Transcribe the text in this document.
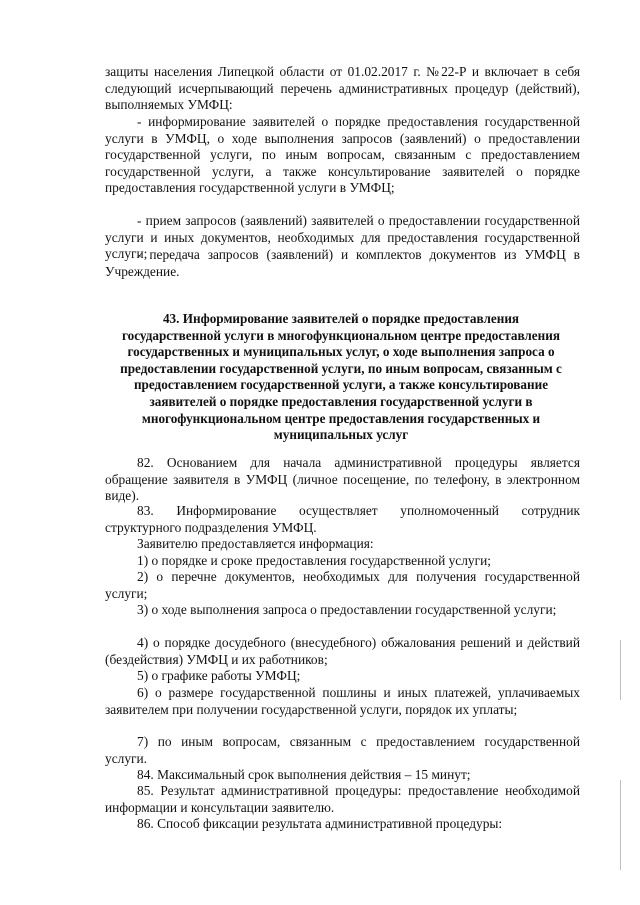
защиты населения Липецкой области от 01.02.2017 г. №22-Р и включает в себя следующий исчерпывающий перечень административных процедур (действий), выполняемых УМФЦ:

- информирование заявителей о порядке предоставления государственной услуги в УМФЦ, о ходе выполнения запросов (заявлений) о предоставлении государственной услуги, по иным вопросам, связанным с предоставлением государственной услуги, а также консультирование заявителей о порядке предоставления государственной услуги в УМФЦ;

- прием запросов (заявлений) заявителей о предоставлении государственной услуги и иных документов, необходимых для предоставления государственной услуги;

- передача запросов (заявлений) и комплектов документов из УМФЦ в Учреждение.

43. Информирование заявителей о порядке предоставления государственной услуги в многофункциональном центре предоставления государственных и муниципальных услуг, о ходе выполнения запроса о предоставлении государственной услуги, по иным вопросам, связанным с предоставлением государственной услуги, а также консультирование заявителей о порядке предоставления государственной услуги в многофункциональном центре предоставления государственных и муниципальных услуг

82. Основанием для начала административной процедуры является обращение заявителя в УМФЦ (личное посещение, по телефону, в электронном виде).

83. Информирование осуществляет уполномоченный сотрудник структурного подразделения УМФЦ.

Заявителю предоставляется информация:

1) о порядке и сроке предоставления государственной услуги;

2) о перечне документов, необходимых для получения государственной услуги;

3) о ходе выполнения запроса о предоставлении государственной услуги;

4) о порядке досудебного (внесудебного) обжалования решений и действий (бездействия) УМФЦ и их работников;

5) о графике работы УМФЦ;

6) о размере государственной пошлины и иных платежей, уплачиваемых заявителем при получении государственной услуги, порядок их уплаты;

7) по иным вопросам, связанным с предоставлением государственной услуги.

84. Максимальный срок выполнения действия – 15 минут;

85. Результат административной процедуры: предоставление необходимой информации и консультации заявителю.

86. Способ фиксации результата административной процедуры:
